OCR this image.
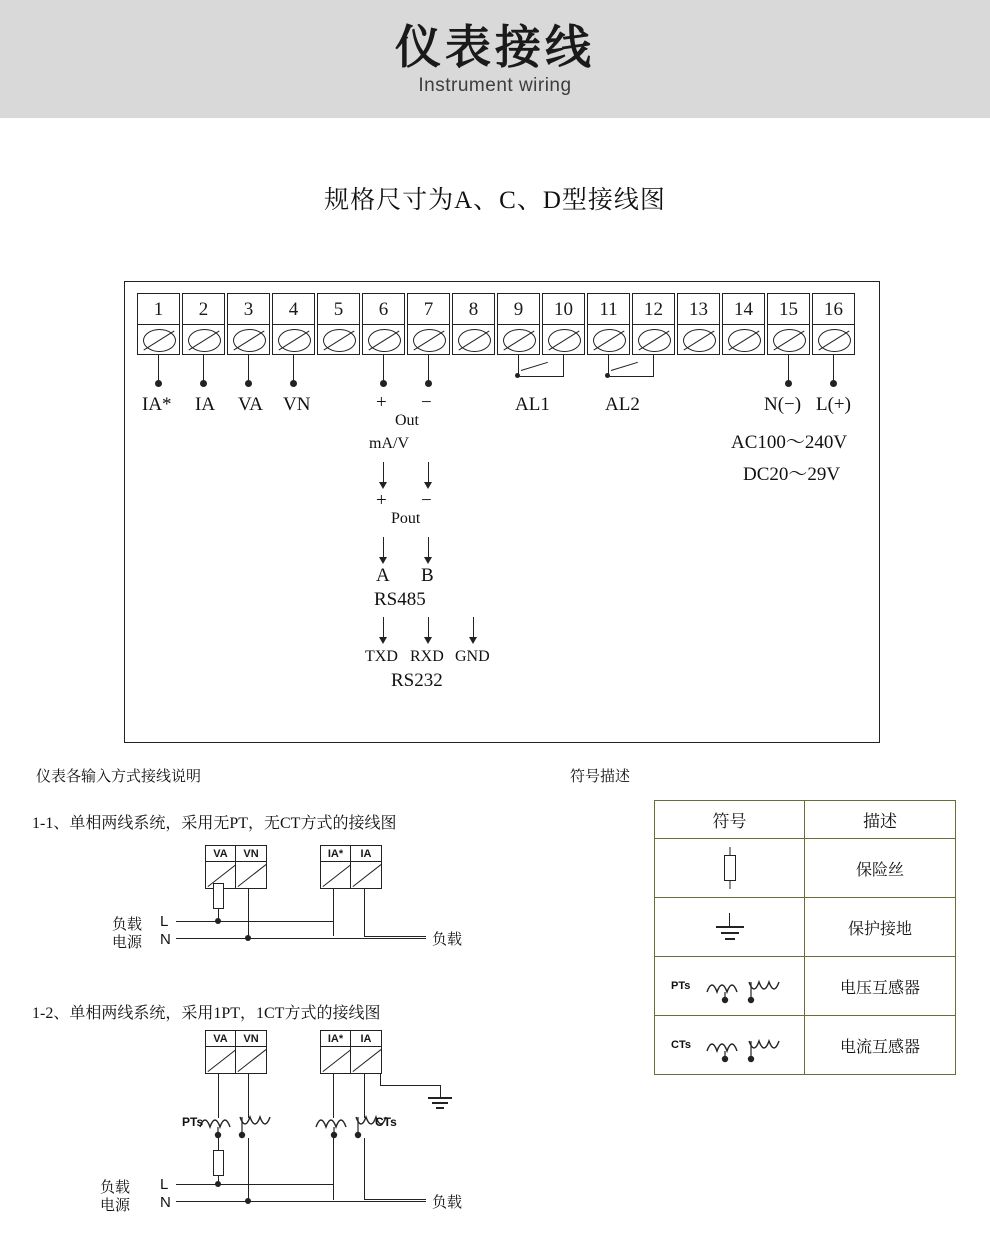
仪表接线
Instrument wiring
规格尺寸为A、C、D型接线图
1	2	3	4	5	6	7	8	9	10	11	12	13	14	15	16
IA* IA VA VN	+ −
Out
mA/V
+ −
Pout
A B
RS485
TXD RXD GND
RS232
AL1	AL2	N(−) L(+)
AC100～240V
DC20～29V
仪表各输入方式接线说明	符号描述
1-1、单相两线系统，采用无PT，无CT方式的接线图
VA	VN	IA*	IA
负载
电源
L
N	负载
1-2、单相两线系统，采用1PT，1CT方式的接线图
VA	VN	IA*	IA
PTs	CTs
负载
电源
L
N	负载
符号	描述

	保险丝

	保护接地

PTs	电压互感器

CTs	电流互感器
